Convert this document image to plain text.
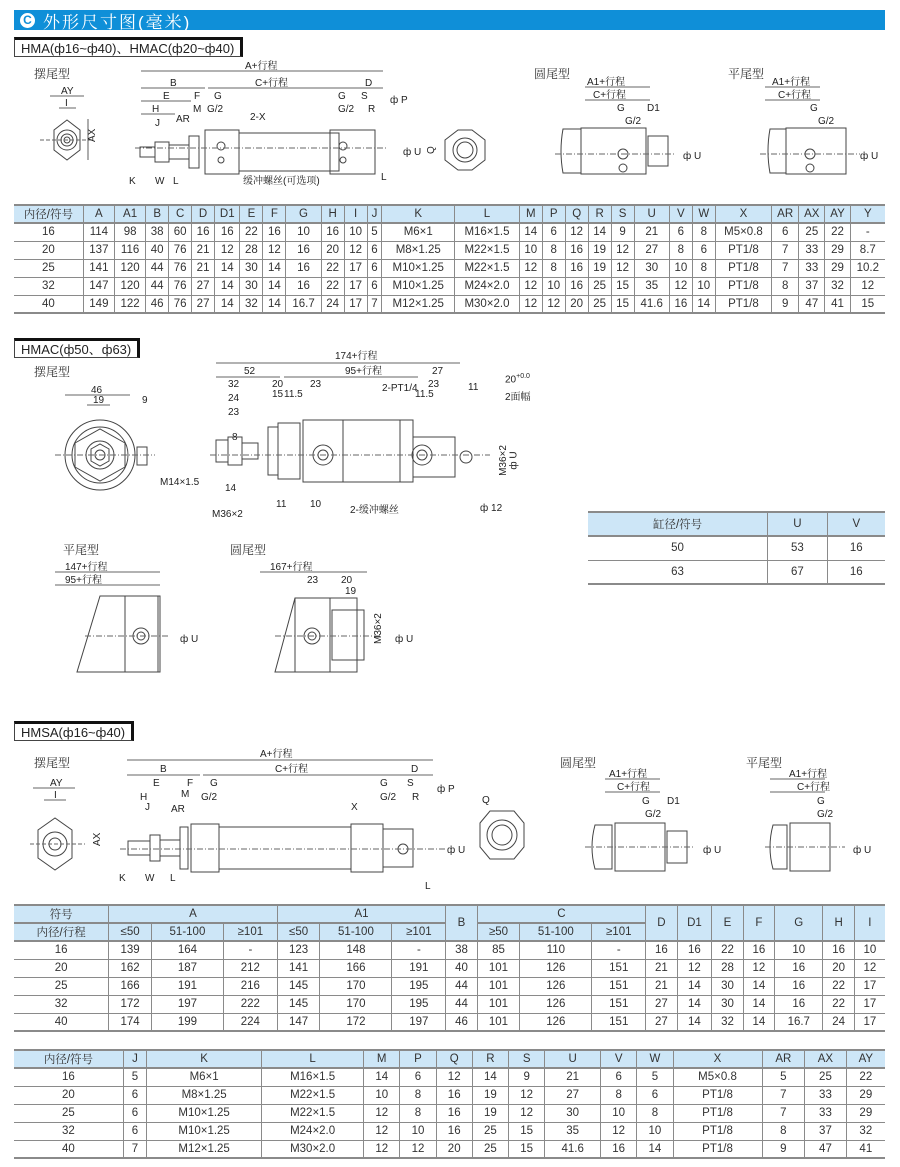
C 外形尺寸图(毫米)
HMA(ф16~ф40)、HMAC(ф20~ф40)
摆尾型	圆尾型	平尾型
AY
I
AX
A+行程
B	C+行程	D
E F G	G S
H	M G/2	G/2 R
ф P
J AR	2-X
K W L	缓冲螺丝(可选项)	L
ф U Q
A1+行程
C+行程
G D1
G/2
ф U
A1+行程
C+行程
G
G/2
ф U
内径/符号	A	A1	B	C	D	D1	E	F	G	H	I	J	K	L	M	P	Q	R	S	U	V	W	X	AR	AX	AY	Y
16	114	98	38	60	16	16	22	16	10	16	10	5	M6×1	M16×1.5	14	6	12	14	9	21	6	8	M5×0.8	6	25	22	-
20	137	116	40	76	21	12	28	12	16	20	12	6	M8×1.25	M22×1.5	10	8	16	19	12	27	8	6	PT1/8	7	33	29	8.7
25	141	120	44	76	21	14	30	14	16	22	17	6	M10×1.25	M22×1.5	12	8	16	19	12	30	10	8	PT1/8	7	33	29	10.2
32	147	120	44	76	27	14	30	14	16	22	17	6	M10×1.25	M24×2.0	12	10	16	25	15	35	12	10	PT1/8	8	37	32	12
40	149	122	46	76	27	14	32	14	16.7	24	17	7	M12×1.25	M30×2.0	12	12	20	25	15	41.6	16	14	PT1/8	9	47	41	15
HMAC(ф50、ф63)
摆尾型
46
19	9
174+行程
52	95+行程	27
32	20	23	23
24	15 11.5
2-PT1/4
11.5
11
23
8
M14×1.5
14
M36×2
11 10
2-缓冲螺丝	ф 12
$20^{+0.0}$
2面幅
M36×2 ф U
缸径/符号	U	V
50	53	16
63	67	16
平尾型	圆尾型
147+行程
95+行程
ф U
167+行程
23 20
19
M36×2 ф U
HMSA(ф16~ф40)
摆尾型	圆尾型	平尾型
AY
I
AX
A+行程
B	C+行程	D
E	F G	G S
H	M G/2	G/2 R
J AR	X
ф P
K W L
L
ф U
Q
A1+行程
C+行程
G D1
G/2
ф U
A1+行程
C+行程
G
G/2
ф U
符号	A			A1			B	C			D	D1	E	F	G	H	I
内径/行程	≤50	51-100	≥101	≤50	51-100	≥101		≥50	51-100	≥101							
16	139	164	-	123	148	-	38	85	110	-	16	16	22	16	10	16	10
20	162	187	212	141	166	191	40	101	126	151	21	12	28	12	16	20	12
25	166	191	216	145	170	195	44	101	126	151	21	14	30	14	16	22	17
32	172	197	222	145	170	195	44	101	126	151	27	14	30	14	16	22	17
40	174	199	224	147	172	197	46	101	126	151	27	14	32	14	16.7	24	17
内径/符号	J	K	L	M	P	Q	R	S	U	V	W	X	AR	AX	AY
16	5	M6×1	M16×1.5	14	6	12	14	9	21	6	5	M5×0.8	5	25	22
20	6	M8×1.25	M22×1.5	10	8	16	19	12	27	8	6	PT1/8	7	33	29
25	6	M10×1.25	M22×1.5	12	8	16	19	12	30	10	8	PT1/8	7	33	29
32	6	M10×1.25	M24×2.0	12	10	16	25	15	35	12	10	PT1/8	8	37	32
40	7	M12×1.25	M30×2.0	12	12	20	25	15	41.6	16	14	PT1/8	9	47	41
